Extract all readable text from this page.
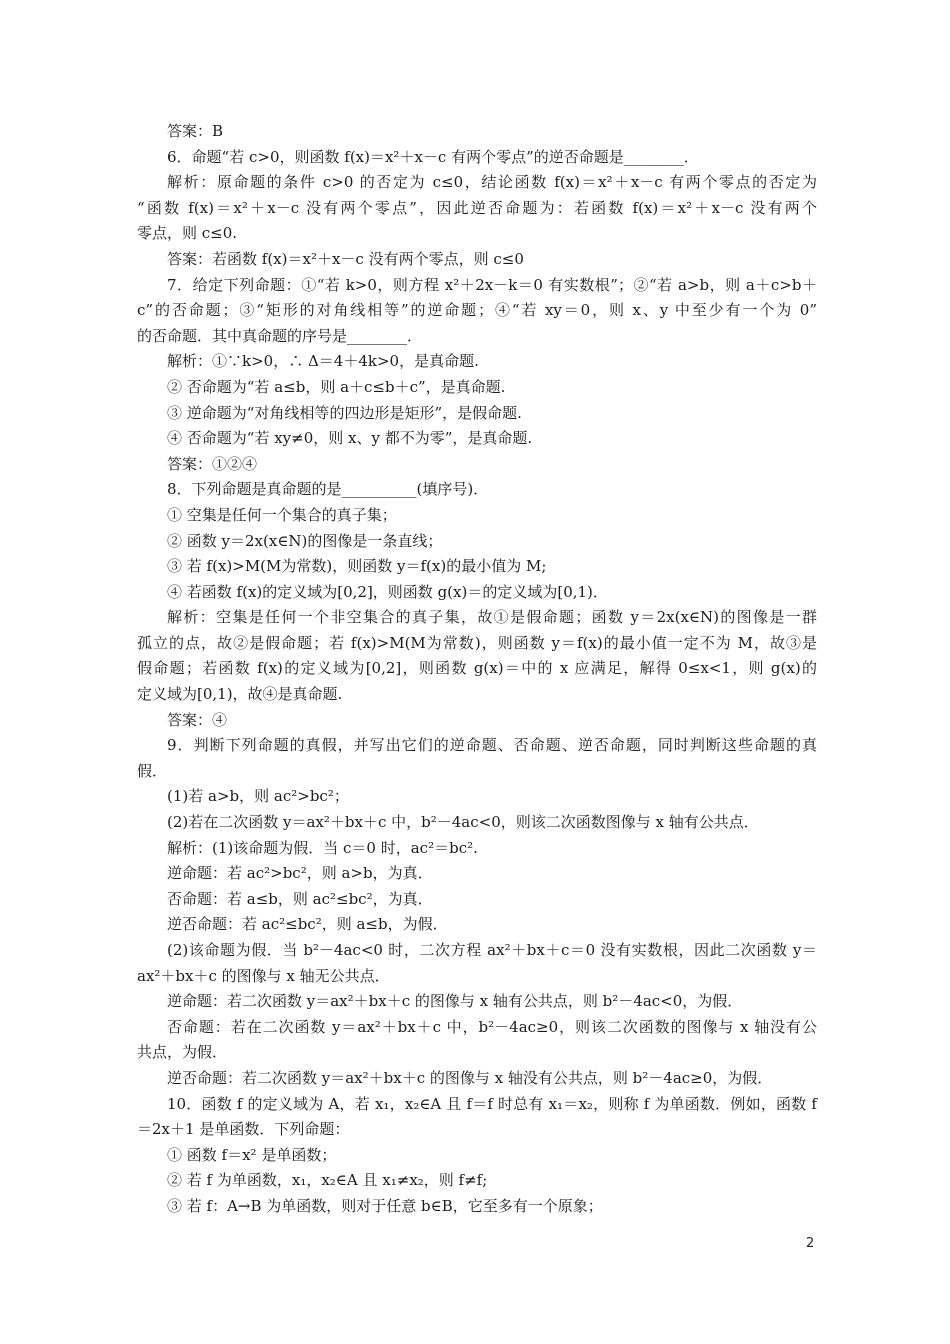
答案：B
6．命题“若 c>0，则函数 f(x)＝x²＋x－c 有两个零点”的逆否命题是________．
解析：原命题的条件 c>0 的否定为 c≤0，结论函数 f(x)＝x²＋x－c 有两个零点的否定为
“函数 f(x)＝x²＋x－c 没有两个零点”，因此逆否命题为：若函数 f(x)＝x²＋x－c 没有两个
零点，则 c≤0.
答案：若函数 f(x)＝x²＋x－c 没有两个零点，则 c≤0
7．给定下列命题：①“若 k>0，则方程 x²＋2x－k＝0 有实数根”；②“若 a>b，则 a＋c>b＋
c”的否命题；③“矩形的对角线相等”的逆命题；④“若 xy＝0，则 x、y 中至少有一个为 0”
的否命题．其中真命题的序号是________．
解析：①∵k>0，∴ Δ＝4＋4k>0，是真命题.
② 否命题为“若 a≤b，则 a＋c≤b＋c”，是真命题.
③ 逆命题为“对角线相等的四边形是矩形”，是假命题.
④ 否命题为“若 xy≠0，则 x、y 都不为零”，是真命题.
答案：①②④
8．下列命题是真命题的是__________(填序号)．
① 空集是任何一个集合的真子集；
② 函数 y＝2x(x∈N)的图像是一条直线；
③ 若 f(x)>M(M为常数)，则函数 y＝f(x)的最小值为 M;
④ 若函数 f(x)的定义域为[0,2]，则函数 g(x)＝的定义域为[0,1)．
解析：空集是任何一个非空集合的真子集，故①是假命题；函数 y＝2x(x∈N)的图像是一群
孤立的点，故②是假命题；若 f(x)>M(M为常数)，则函数 y＝f(x)的最小值一定不为 M，故③是
假命题；若函数 f(x)的定义域为[0,2]，则函数 g(x)＝中的 x 应满足，解得 0≤x<1，则 g(x)的
定义域为[0,1)，故④是真命题.
答案：④
9．判断下列命题的真假，并写出它们的逆命题、否命题、逆否命题，同时判断这些命题的真
假．
(1)若 a>b，则 ac²>bc²；
(2)若在二次函数 y＝ax²＋bx＋c 中，b²－4ac<0，则该二次函数图像与 x 轴有公共点．
解析：(1)该命题为假．当 c＝0 时，ac²＝bc².
逆命题：若 ac²>bc²，则 a>b，为真．
否命题：若 a≤b，则 ac²≤bc²，为真．
逆否命题：若 ac²≤bc²，则 a≤b，为假．
(2)该命题为假．当 b²－4ac<0 时，二次方程 ax²＋bx＋c＝0 没有实数根，因此二次函数 y＝
ax²＋bx＋c 的图像与 x 轴无公共点．
逆命题：若二次函数 y＝ax²＋bx＋c 的图像与 x 轴有公共点，则 b²－4ac<0，为假．
否命题：若在二次函数 y＝ax²＋bx＋c 中，b²－4ac≥0，则该二次函数的图像与 x 轴没有公
共点，为假．
逆否命题：若二次函数 y＝ax²＋bx＋c 的图像与 x 轴没有公共点，则 b²－4ac≥0，为假．
10．函数 f 的定义域为 A，若 x₁，x₂∈A 且 f＝f 时总有 x₁＝x₂，则称 f 为单函数．例如，函数 f
＝2x＋1 是单函数．下列命题：
① 函数 f＝x² 是单函数；
② 若 f 为单函数，x₁，x₂∈A 且 x₁≠x₂，则 f≠f;
③ 若 f：A→B 为单函数，则对于任意 b∈B，它至多有一个原象；
2
